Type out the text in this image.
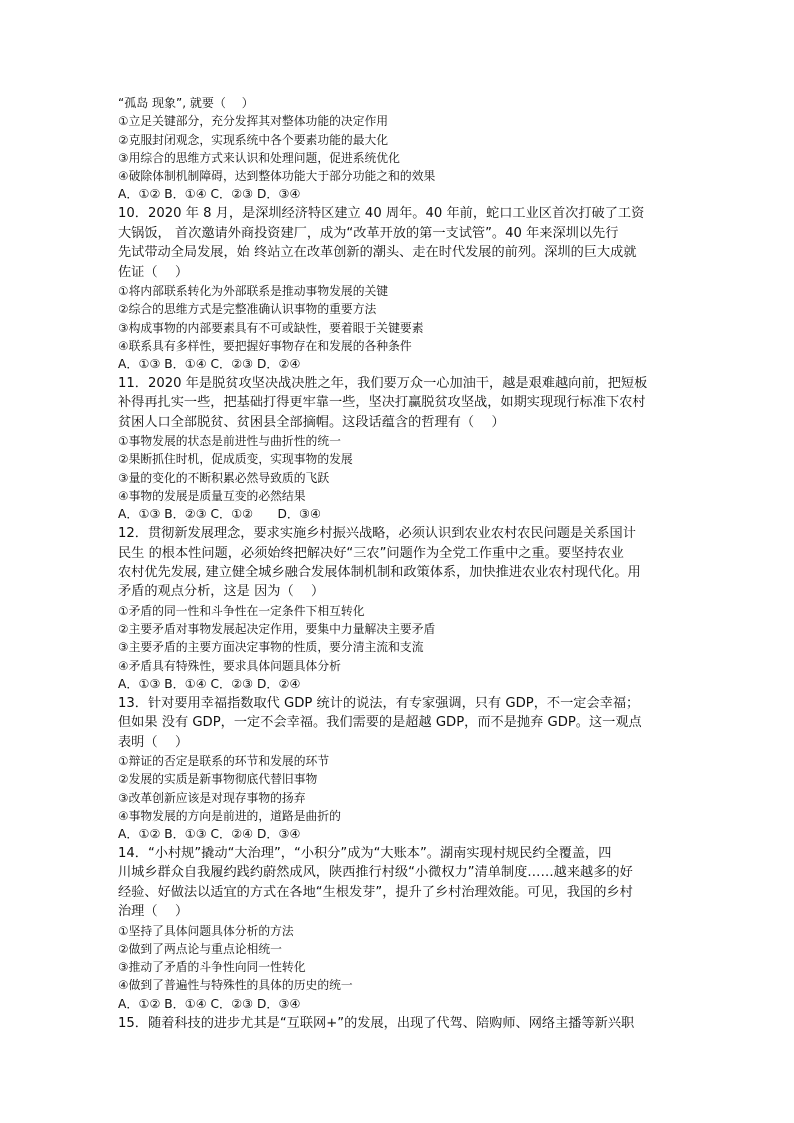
“孤岛 现象”, 就要（　 ）
①立足关键部分，充分发挥其对整体功能的决定作用
②克服封闭观念，实现系统中各个要素功能的最大化
③用综合的思维方式来认识和处理问题，促进系统优化
④破除体制机制障碍，达到整体功能大于部分功能之和的效果
A．①② B．①④ C．②③ D．③④
10．2020 年 8 月，是深圳经济特区建立 40 周年。40 年前，蛇口工业区首次打破了工资
大锅饭， 首次邀请外商投资建厂，成为“改革开放的第一支试管”。40 年来深圳以先行
先试带动全局发展，始 终站立在改革创新的潮头、走在时代发展的前列。深圳的巨大成就
佐证（　 ）
①将内部联系转化为外部联系是推动事物发展的关键
②综合的思维方式是完整准确认识事物的重要方法
③构成事物的内部要素具有不可或缺性，要着眼于关键要素
④联系具有多样性，要把握好事物存在和发展的各种条件
A．①③ B．①④ C．②③ D．②④
11．2020 年是脱贫攻坚决战决胜之年，我们要万众一心加油干，越是艰难越向前，把短板
补得再扎实一些，把基础打得更牢靠一些，坚决打赢脱贫攻坚战，如期实现现行标准下农村
贫困人口全部脱贫、贫困县全部摘帽。这段话蕴含的哲理有（　 ）
①事物发展的状态是前进性与曲折性的统一
②果断抓住时机，促成质变，实现事物的发展
③量的变化的不断积累必然导致质的飞跃
④事物的发展是质量互变的必然结果
A．①③ B．②③ C．①②　　D．③④
12．贯彻新发展理念，要求实施乡村振兴战略，必须认识到农业农村农民问题是关系国计
民生 的根本性问题，必须始终把解决好“三农”问题作为全党工作重中之重。要坚持农业
农村优先发展, 建立健全城乡融合发展体制机制和政策体系，加快推进农业农村现代化。用
矛盾的观点分析，这是 因为（　 ）
①矛盾的同一性和斗争性在一定条件下相互转化
②主要矛盾对事物发展起决定作用，要集中力量解决主要矛盾
③主要矛盾的主要方面决定事物的性质，要分清主流和支流
④矛盾具有特殊性，要求具体问题具体分析
A．①③ B．①④ C．②③ D．②④
13．针对要用幸福指数取代 GDP 统计的说法，有专家强调，只有 GDP，不一定会幸福；
但如果 没有 GDP，一定不会幸福。我们需要的是超越 GDP，而不是抛弃 GDP。这一观点
表明（　 ）
①辩证的否定是联系的环节和发展的环节
②发展的实质是新事物彻底代替旧事物
③改革创新应该是对现存事物的扬弃
④事物发展的方向是前进的，道路是曲折的
A．①② B．①③ C．②④ D．③④
14．“小村规”撬动“大治理”，“小积分”成为“大账本”。湖南实现村规民约全覆盖，四
川城乡群众自我履约践约蔚然成风，陕西推行村级“小微权力”清单制度……越来越多的好
经验、好做法以适宜的方式在各地“生根发芽”，提升了乡村治理效能。可见，我国的乡村
治理（　 ）
①坚持了具体问题具体分析的方法
②做到了两点论与重点论相统一
③推动了矛盾的斗争性向同一性转化
④做到了普遍性与特殊性的具体的历史的统一
A．①② B．①④ C．②③ D．③④
15．随着科技的进步尤其是“互联网+”的发展，出现了代驾、陪购师、网络主播等新兴职
